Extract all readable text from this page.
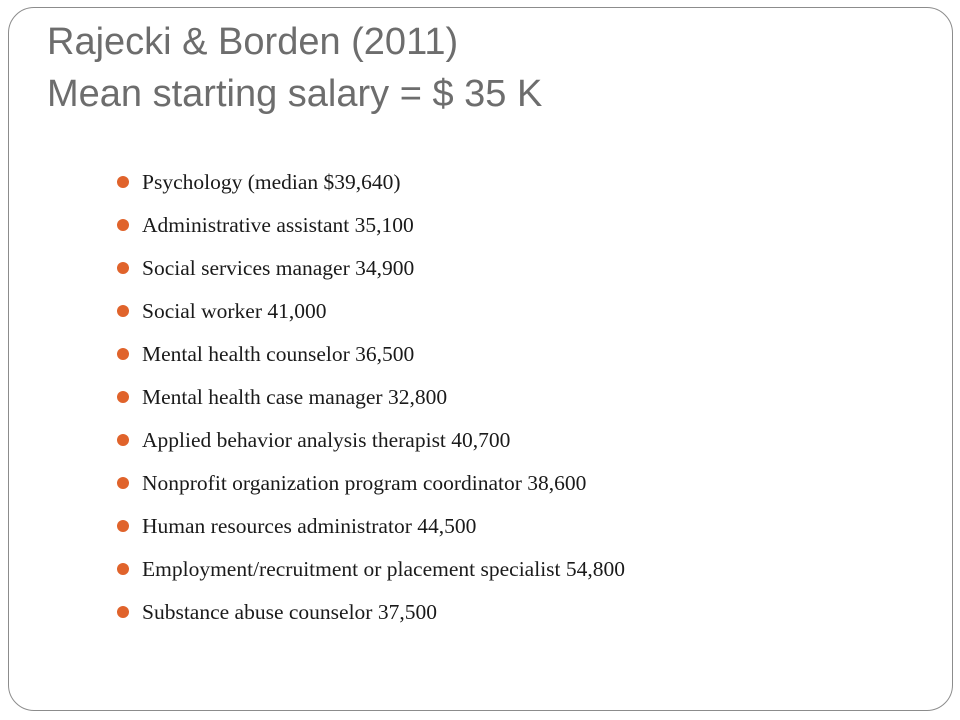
Rajecki & Borden (2011)
Mean starting salary = $ 35 K
Psychology (median $39,640)
Administrative assistant 35,100
Social services manager 34,900
Social worker 41,000
Mental health counselor 36,500
Mental health case manager 32,800
Applied behavior analysis therapist 40,700
Nonprofit organization program coordinator 38,600
Human resources administrator 44,500
Employment/recruitment or placement specialist 54,800
Substance abuse counselor 37,500
